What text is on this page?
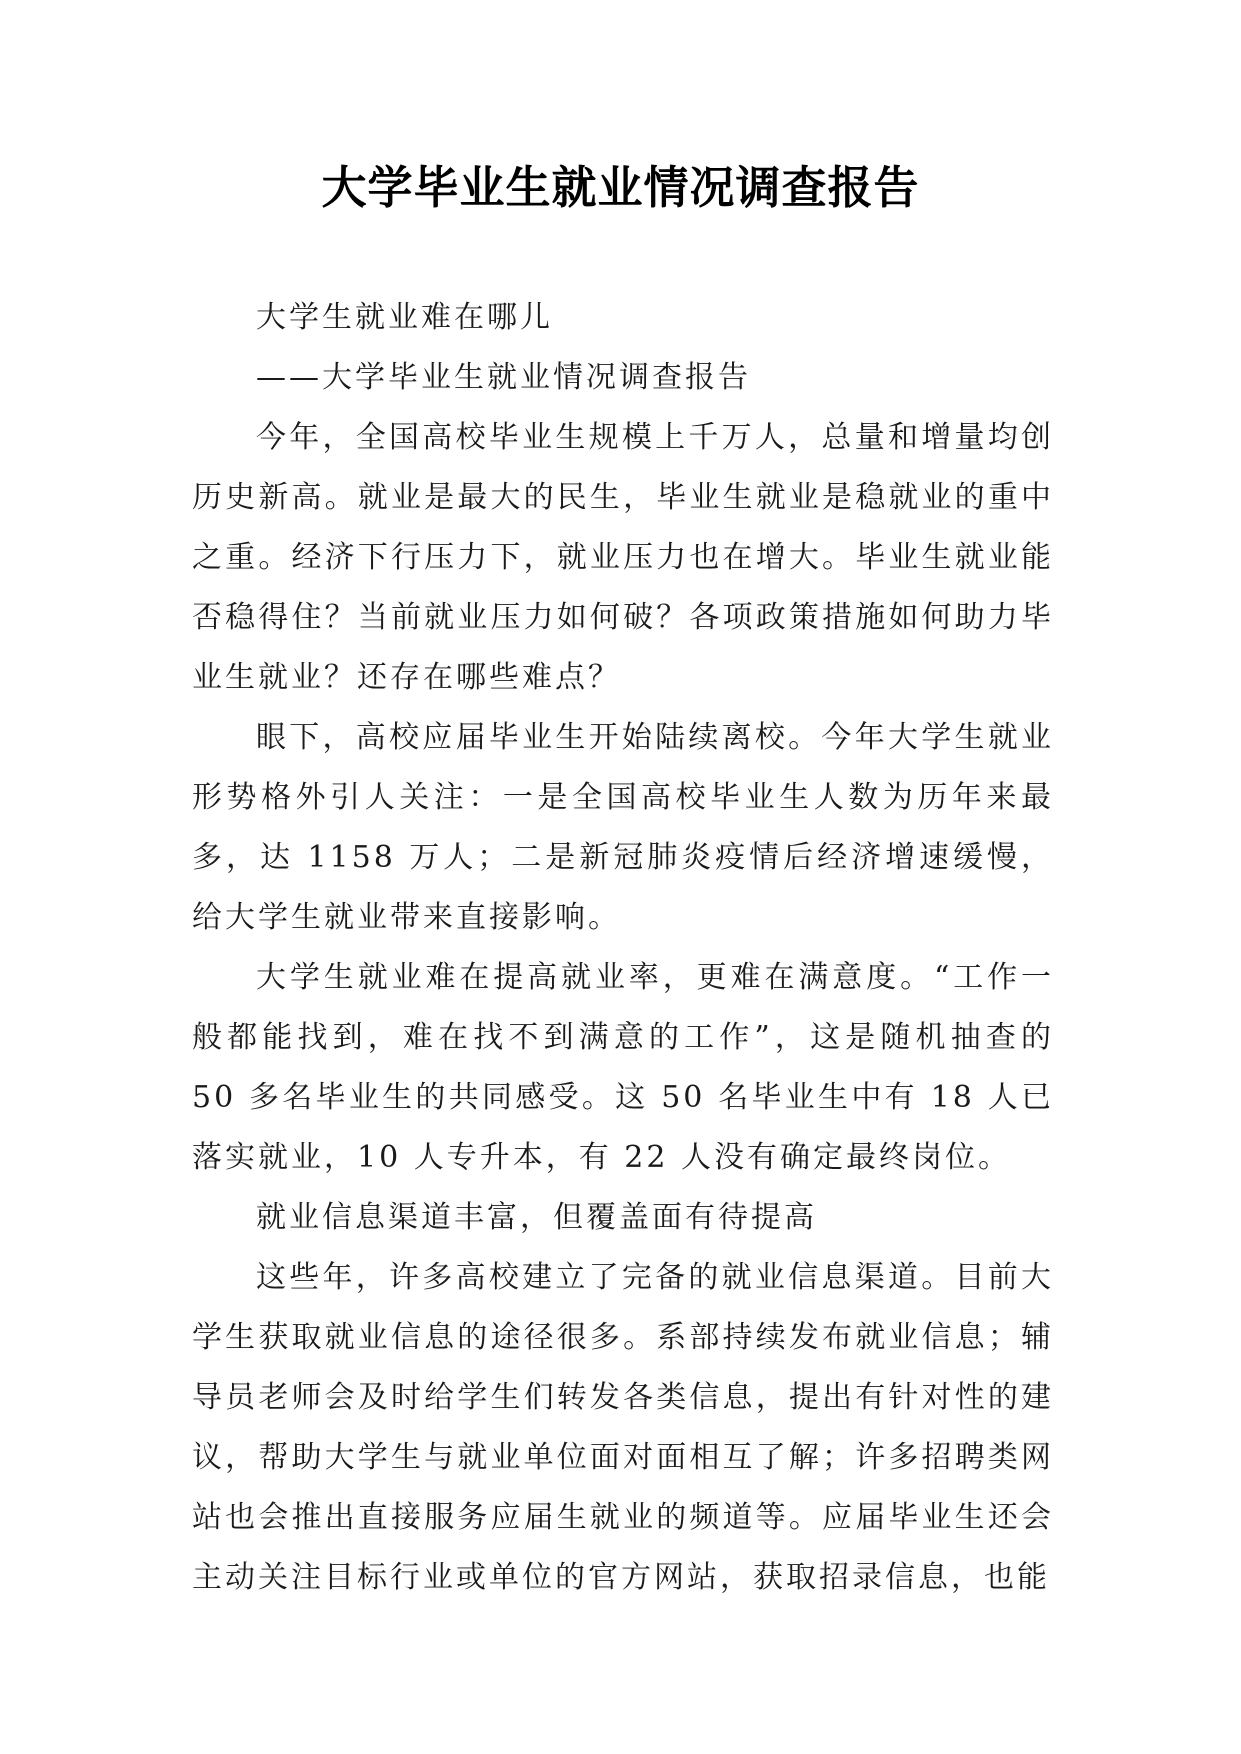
大学毕业生就业情况调查报告

大学生就业难在哪儿

——大学毕业生就业情况调查报告

今年，全国高校毕业生规模上千万人，总量和增量均创历史新高。就业是最大的民生，毕业生就业是稳就业的重中之重。经济下行压力下，就业压力也在增大。毕业生就业能否稳得住？当前就业压力如何破？各项政策措施如何助力毕业生就业？还存在哪些难点？

眼下，高校应届毕业生开始陆续离校。今年大学生就业形势格外引人关注：一是全国高校毕业生人数为历年来最多，达 1158 万人；二是新冠肺炎疫情后经济增速缓慢，给大学生就业带来直接影响。

大学生就业难在提高就业率，更难在满意度。“工作一般都能找到，难在找不到满意的工作”，这是随机抽查的 50 多名毕业生的共同感受。这 50 名毕业生中有 18 人已落实就业，10 人专升本，有 22 人没有确定最终岗位。

就业信息渠道丰富，但覆盖面有待提高

这些年，许多高校建立了完备的就业信息渠道。目前大学生获取就业信息的途径很多。系部持续发布就业信息；辅导员老师会及时给学生们转发各类信息，提出有针对性的建议，帮助大学生与就业单位面对面相互了解；许多招聘类网站也会推出直接服务应届生就业的频道等。应届毕业生还会主动关注目标行业或单位的官方网站，获取招录信息，也能
